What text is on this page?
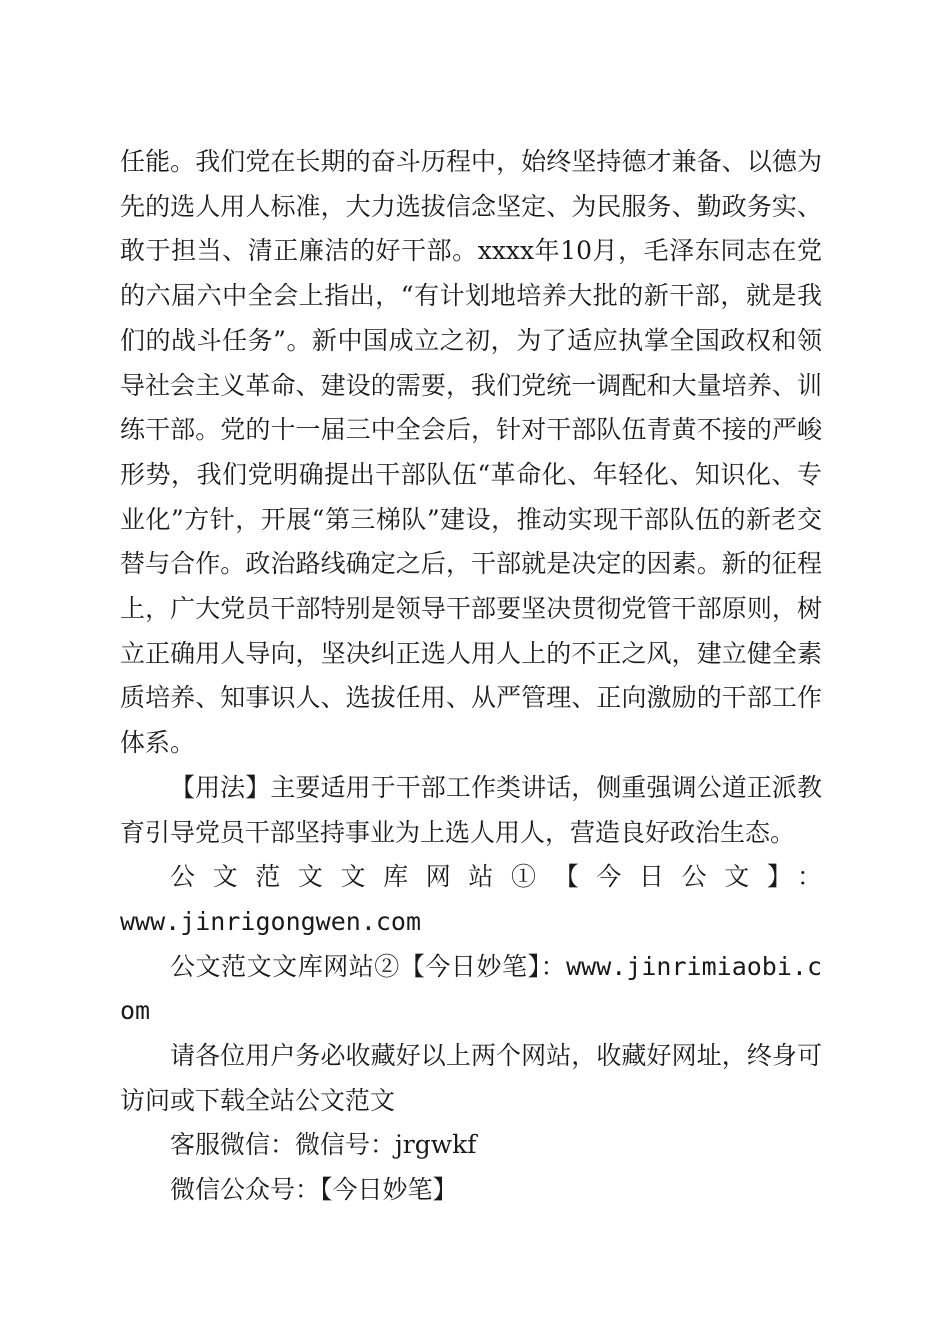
任能。我们党在长期的奋斗历程中，始终坚持德才兼备、以德为先的选人用人标准，大力选拔信念坚定、为民服务、勤政务实、敢于担当、清正廉洁的好干部。xxxx年10月，毛泽东同志在党的六届六中全会上指出，“有计划地培养大批的新干部，就是我们的战斗任务”。新中国成立之初，为了适应执掌全国政权和领导社会主义革命、建设的需要，我们党统一调配和大量培养、训练干部。党的十一届三中全会后，针对干部队伍青黄不接的严峻形势，我们党明确提出干部队伍“革命化、年轻化、知识化、专业化”方针，开展“第三梯队”建设，推动实现干部队伍的新老交替与合作。政治路线确定之后，干部就是决定的因素。新的征程上，广大党员干部特别是领导干部要坚决贯彻党管干部原则，树立正确用人导向，坚决纠正选人用人上的不正之风，建立健全素质培养、知事识人、选拔任用、从严管理、正向激励的干部工作体系。

【用法】主要适用于干部工作类讲话，侧重强调公道正派教育引导党员干部坚持事业为上选人用人，营造良好政治生态。

公文范文文库网站①【今日公文】：

www.jinrigongwen.com

公文范文文库网站②【今日妙笔】：www.jinrimiaobi.com

请各位用户务必收藏好以上两个网站，收藏好网址，终身可访问或下载全站公文范文

客服微信：微信号：jrgwkf

微信公众号：【今日妙笔】
